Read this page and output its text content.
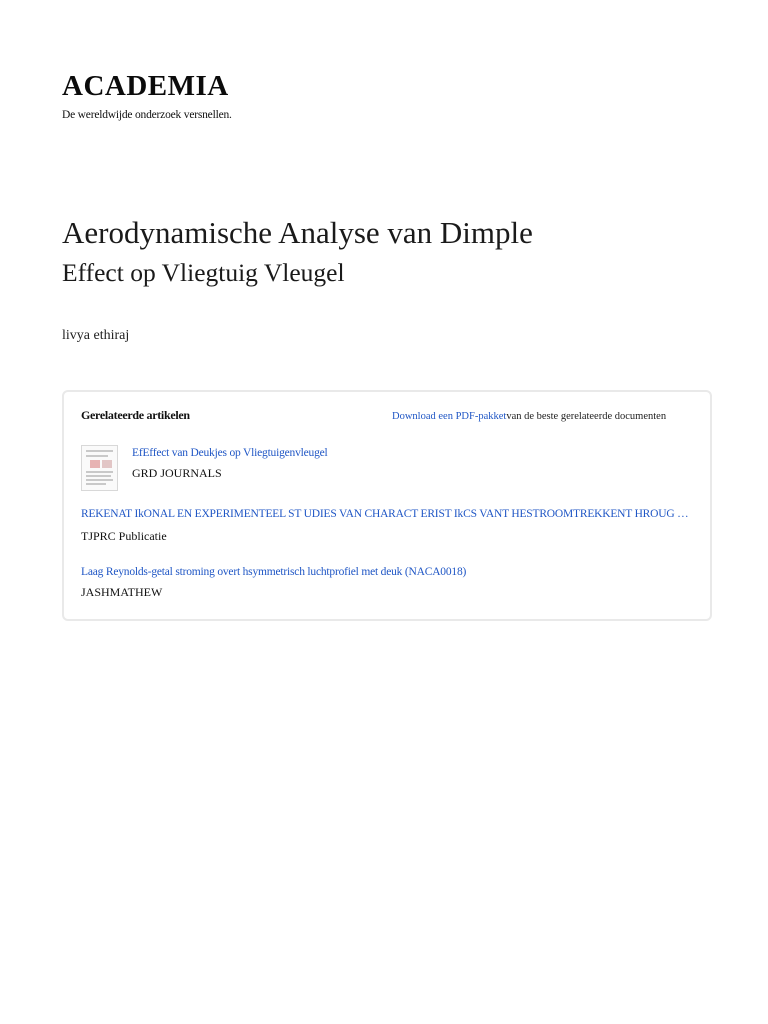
ACADEMIA
De wereldwijde onderzoek versnellen.
Aerodynamische Analyse van Dimple
Effect op Vliegtuig Vleugel
livya ethiraj
Gerelateerde artikelen	Download een PDF-pakketvan de beste gerelateerde documenten
EfEffect van Deukjes op Vliegtuigenvleugel
GRD JOURNALS
REKENAT IkONAL EN EXPERIMENTEEL ST UDIES VAN CHARACT ERIST IkCS VANT HESTROOMTREKKENT HROUG …
TJPRC Publicatie
Laag Reynolds-getal stroming overt hsymmetrisch luchtprofiel met deuk (NACA0018)
JASHMATHEW
